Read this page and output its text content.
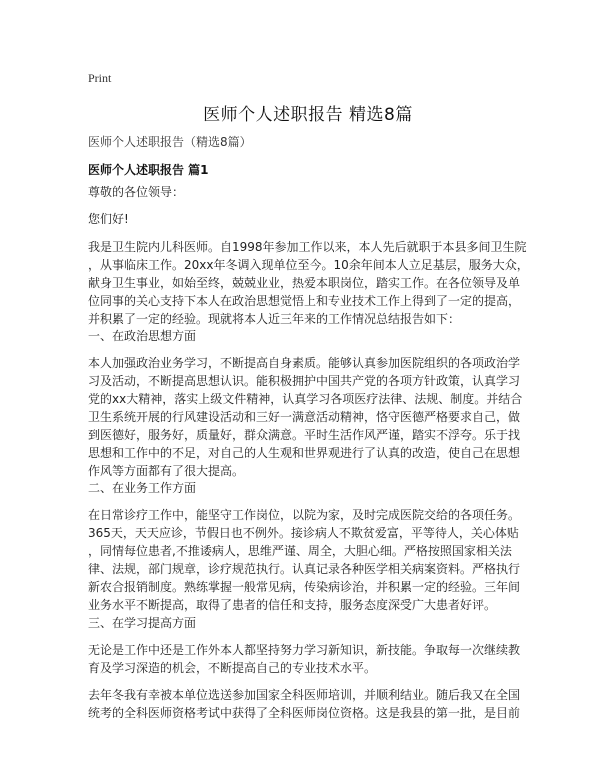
Print
医师个人述职报告 精选8篇
医师个人述职报告（精选8篇）
医师个人述职报告 篇1
尊敬的各位领导：
您们好!
我是卫生院内儿科医师。自1998年参加工作以来，本人先后就职于本县多间卫生院
，从事临床工作。20xx年冬调入现单位至今。10余年间本人立足基层，服务大众，
献身卫生事业，如始至终，兢兢业业，热爱本职岗位，踏实工作。在各位领导及单
位同事的关心支持下本人在政治思想觉悟上和专业技术工作上得到了一定的提高，
并积累了一定的经验。现就将本人近三年来的工作情况总结报告如下：
一、在政治思想方面
本人加强政治业务学习，不断提高自身素质。能够认真参加医院组织的各项政治学
习及活动，不断提高思想认识。能积极拥护中国共产党的各项方针政策，认真学习
党的xx大精神，落实上级文件精神，认真学习各项医疗法律、法规、制度。并结合
卫生系统开展的行风建设活动和三好一满意活动精神，恪守医德严格要求自己，做
到医德好，服务好，质量好，群众满意。平时生活作风严谨，踏实不浮夸。乐于找
思想和工作中的不足，对自己的人生观和世界观进行了认真的改造，使自己在思想
作风等方面都有了很大提高。
二、在业务工作方面
在日常诊疗工作中，能坚守工作岗位，以院为家，及时完成医院交给的各项任务。
365天，天天应诊，节假日也不例外。接诊病人不欺贫爱富，平等待人，关心体贴
，同情每位患者,不推诿病人，思维严谨、周全，大胆心细。严格按照国家相关法
律、法规，部门规章，诊疗规范执行。认真记录各种医学相关病案资料。严格执行
新农合报销制度。熟练掌握一般常见病，传染病诊治，并积累一定的经验。三年间
业务水平不断提高，取得了患者的信任和支持，服务态度深受广大患者好评。
三、在学习提高方面
无论是工作中还是工作外本人都坚持努力学习新知识，新技能。争取每一次继续教
育及学习深造的机会，不断提高自己的专业技术水平。
去年冬我有幸被本单位选送参加国家全科医师培训，并顺利结业。随后我又在全国
统考的全科医师资格考试中获得了全科医师岗位资格。这是我县的第一批，是目前
